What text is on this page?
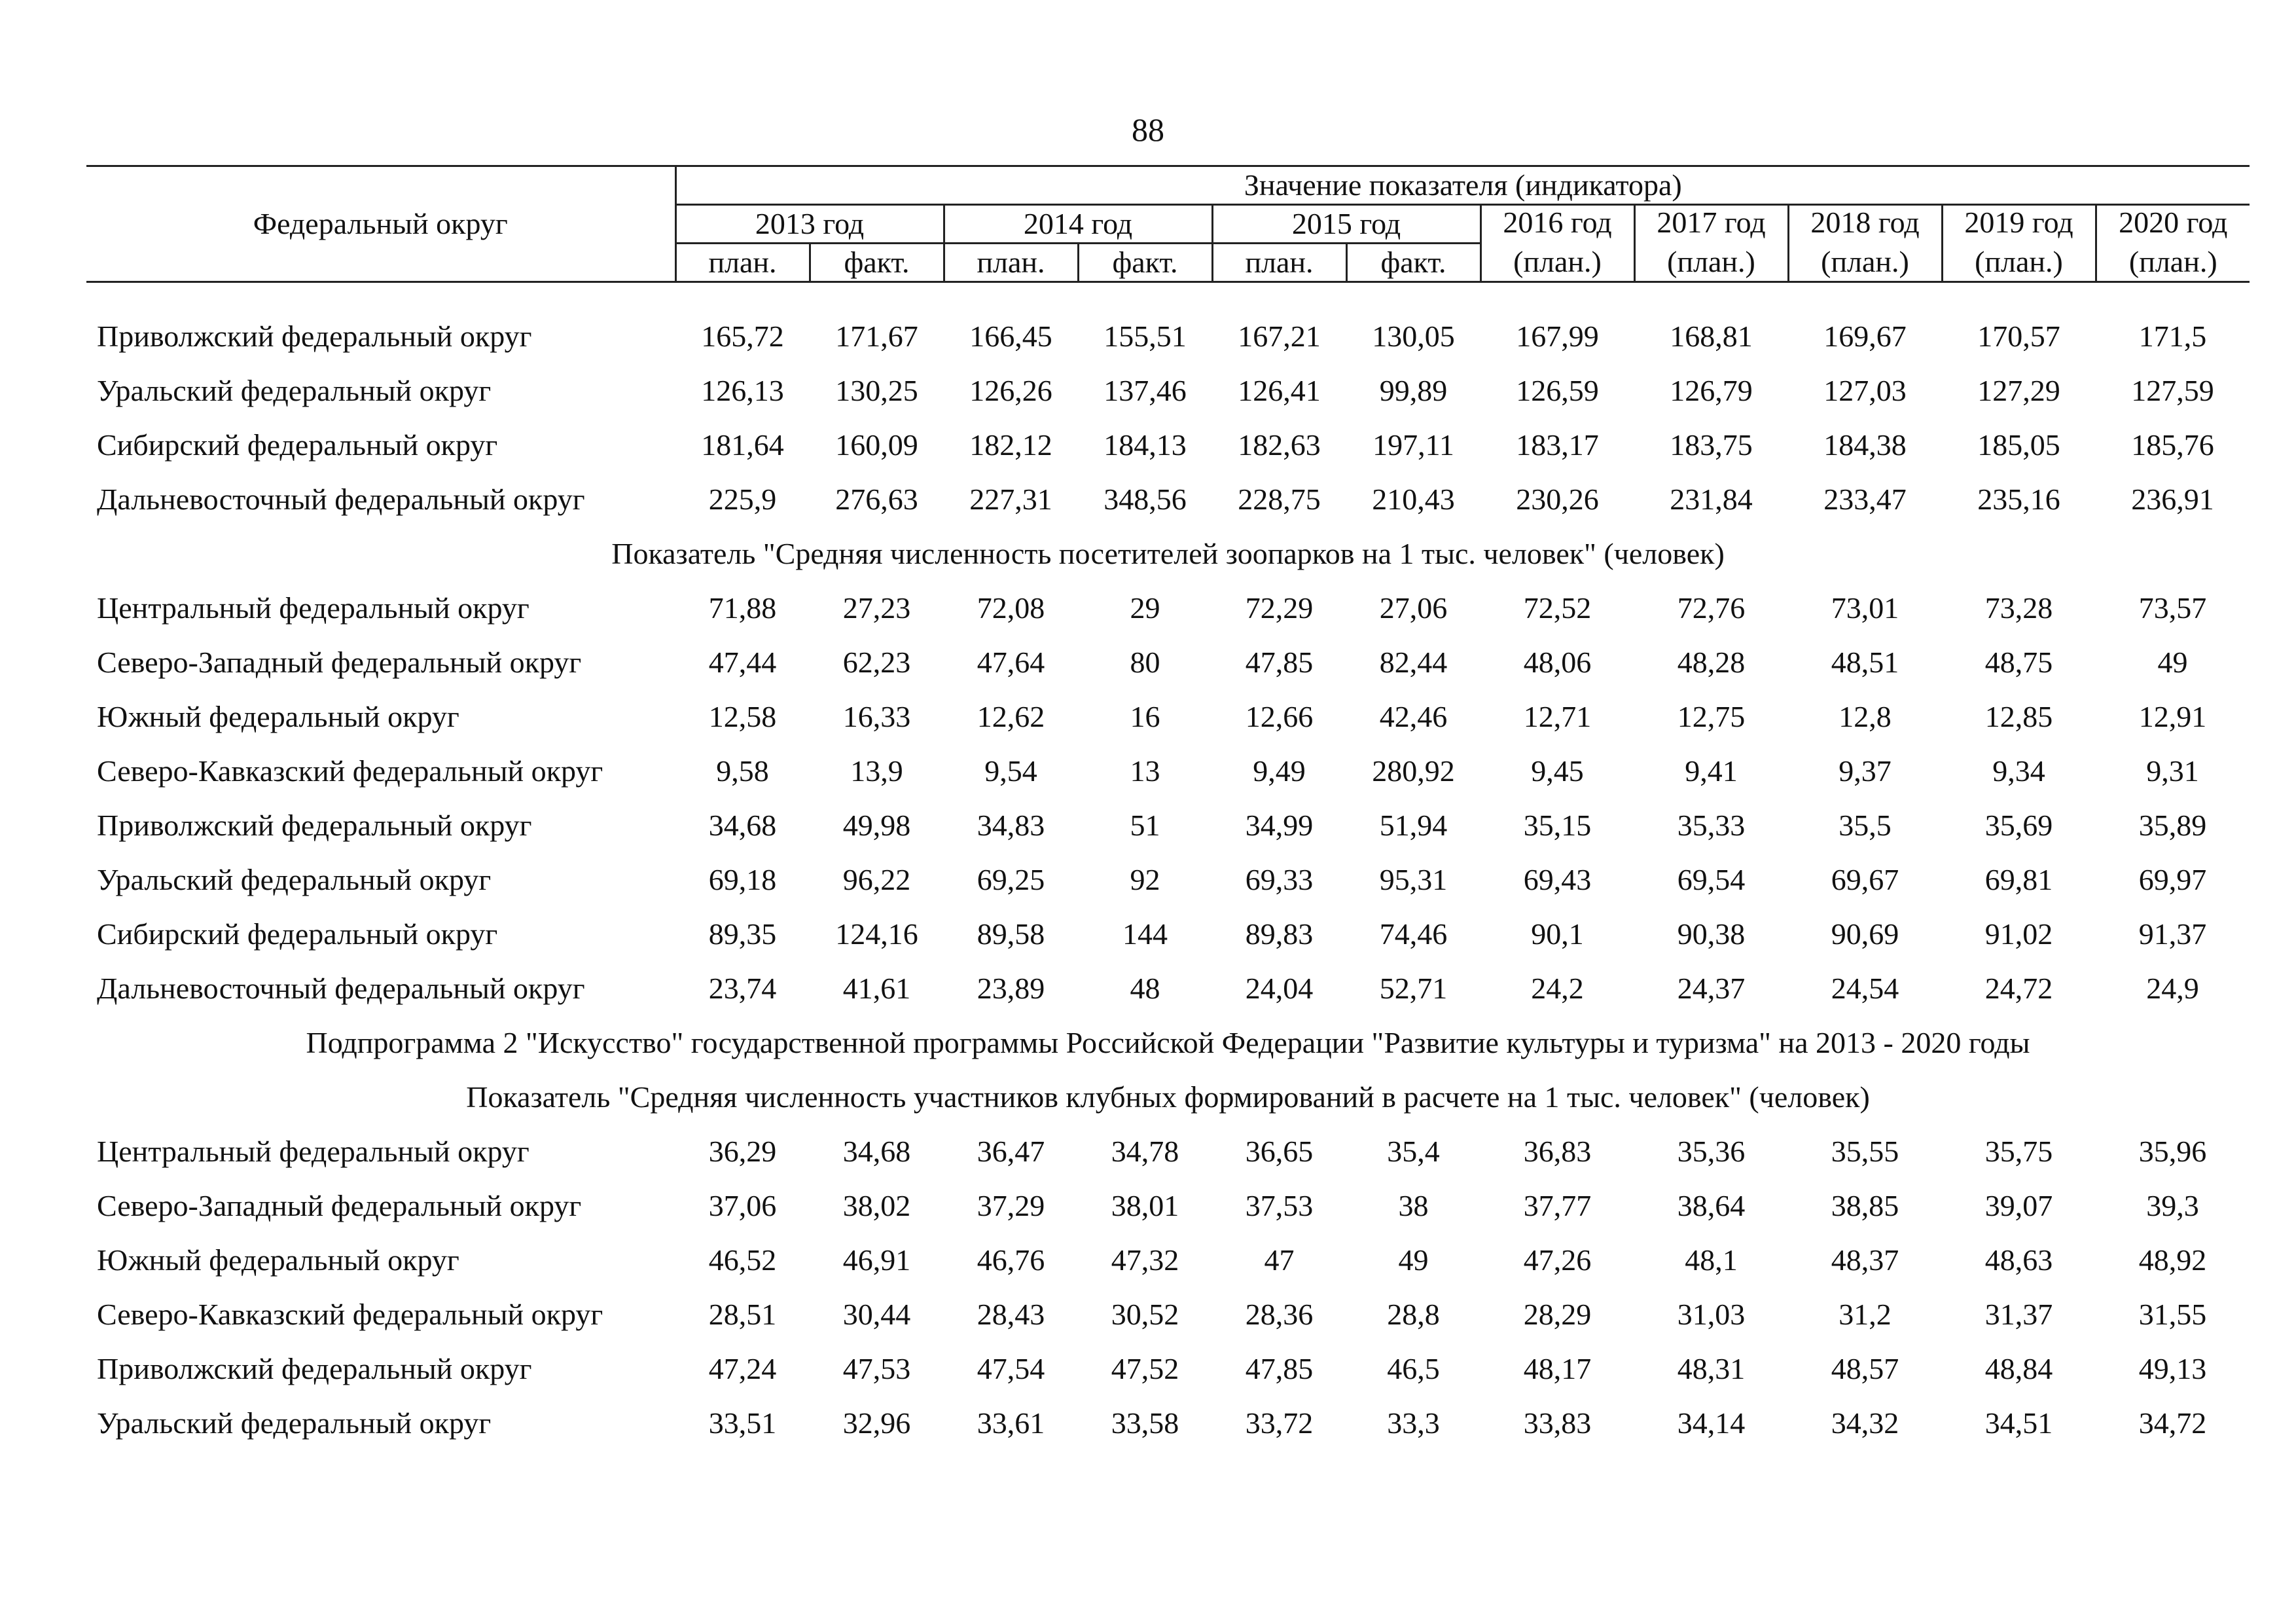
88
Федеральный округ	Значение показателя (индикатора)										
	2013 год		2014 год		2015 год		2016 год	2017 год	2018 год	2019 год	2020 год
	план.	факт.	план.	факт.	план.	факт.	(план.)	(план.)	(план.)	(план.)	(план.)

Приволжский федеральный округ	165,72	171,67	166,45	155,51	167,21	130,05	167,99	168,81	169,67	170,57	171,5
Уральский федеральный округ	126,13	130,25	126,26	137,46	126,41	99,89	126,59	126,79	127,03	127,29	127,59
Сибирский федеральный округ	181,64	160,09	182,12	184,13	182,63	197,11	183,17	183,75	184,38	185,05	185,76
Дальневосточный федеральный округ	225,9	276,63	227,31	348,56	228,75	210,43	230,26	231,84	233,47	235,16	236,91
Показатель "Средняя численность посетителей зоопарков на 1 тыс. человек" (человек)											
Центральный федеральный округ	71,88	27,23	72,08	29	72,29	27,06	72,52	72,76	73,01	73,28	73,57
Северо-Западный федеральный округ	47,44	62,23	47,64	80	47,85	82,44	48,06	48,28	48,51	48,75	49
Южный федеральный округ	12,58	16,33	12,62	16	12,66	42,46	12,71	12,75	12,8	12,85	12,91
Северо-Кавказский федеральный округ	9,58	13,9	9,54	13	9,49	280,92	9,45	9,41	9,37	9,34	9,31
Приволжский федеральный округ	34,68	49,98	34,83	51	34,99	51,94	35,15	35,33	35,5	35,69	35,89
Уральский федеральный округ	69,18	96,22	69,25	92	69,33	95,31	69,43	69,54	69,67	69,81	69,97
Сибирский федеральный округ	89,35	124,16	89,58	144	89,83	74,46	90,1	90,38	90,69	91,02	91,37
Дальневосточный федеральный округ	23,74	41,61	23,89	48	24,04	52,71	24,2	24,37	24,54	24,72	24,9
Подпрограмма 2 "Искусство" государственной программы Российской Федерации "Развитие культуры и туризма" на 2013 - 2020 годы											
Показатель "Средняя численность участников клубных формирований в расчете на 1 тыс. человек" (человек)											
Центральный федеральный округ	36,29	34,68	36,47	34,78	36,65	35,4	36,83	35,36	35,55	35,75	35,96
Северо-Западный федеральный округ	37,06	38,02	37,29	38,01	37,53	38	37,77	38,64	38,85	39,07	39,3
Южный федеральный округ	46,52	46,91	46,76	47,32	47	49	47,26	48,1	48,37	48,63	48,92
Северо-Кавказский федеральный округ	28,51	30,44	28,43	30,52	28,36	28,8	28,29	31,03	31,2	31,37	31,55
Приволжский федеральный округ	47,24	47,53	47,54	47,52	47,85	46,5	48,17	48,31	48,57	48,84	49,13
Уральский федеральный округ	33,51	32,96	33,61	33,58	33,72	33,3	33,83	34,14	34,32	34,51	34,72
